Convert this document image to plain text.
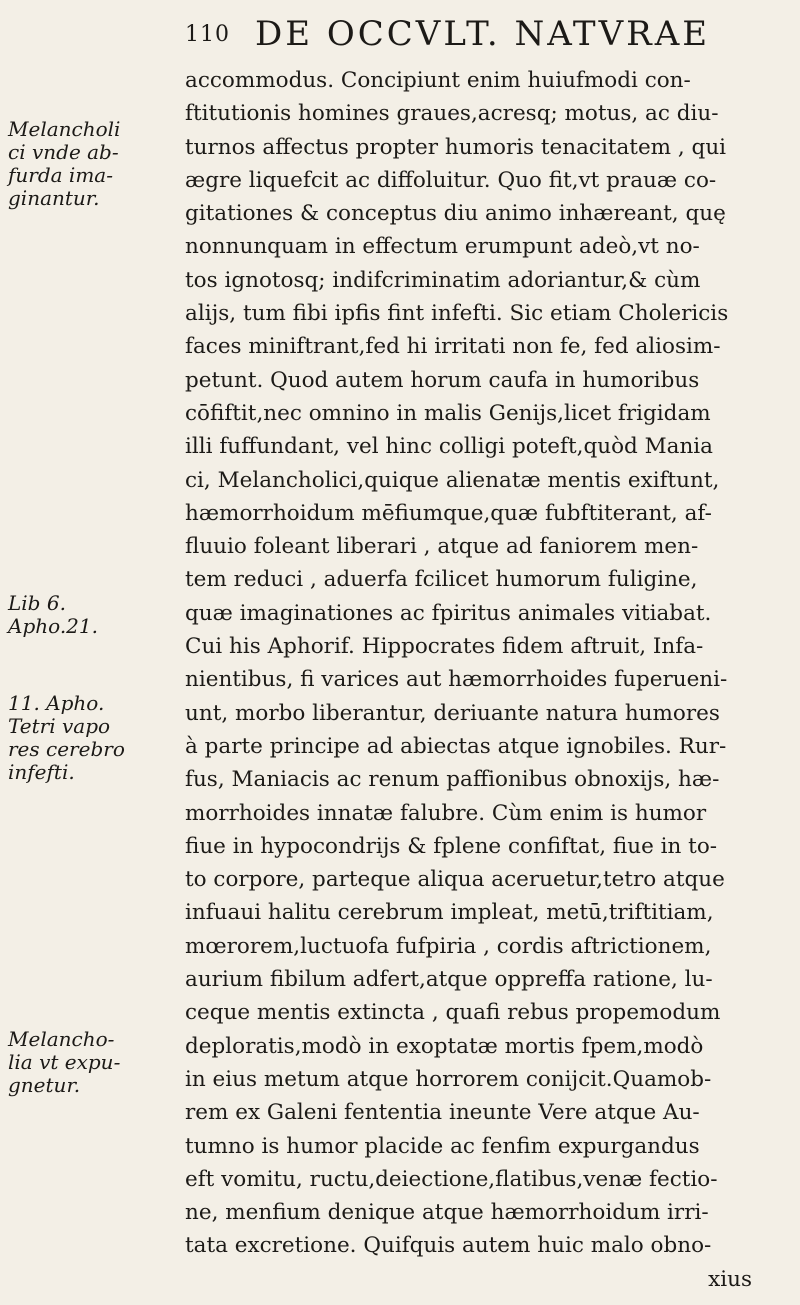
110 DE OCCVLT. NATVRAE
accommodus. Concipiunt enim huiufmodi con-
ftitutionis homines graues,acresq; motus, ac diu-
turnos affectus propter humoris tenacitatem , qui
ægre liquefcit ac diffoluitur. Quo fit,vt prauæ co-
gitationes & conceptus diu animo inhæreant, quę
nonnunquam in effectum erumpunt adeò,vt no-
tos ignotosq; indifcriminatim adoriantur,& cùm
alijs, tum fibi ipfis fint infefti. Sic etiam Cholericis
faces miniftrant,fed hi irritati non fe, fed aliosim-
petunt. Quod autem horum caufa in humoribus
cōfiftit,nec omnino in malis Genijs,licet frigidam
illi fuffundant, vel hinc colligi poteft,quòd Mania
ci, Melancholici,quique alienatæ mentis exiftunt,
hæmorrhoidum mēfiumque,quæ fubftiterant, af-
fluuio foleant liberari , atque ad faniorem men-
tem reduci , aduerfa fcilicet humorum fuligine,
quæ imaginationes ac fpiritus animales vitiabat.
Cui his Aphorif. Hippocrates fidem aftruit, Infa-
nientibus, fi varices aut hæmorrhoides fuperueni-
unt, morbo liberantur, deriuante natura humores
à parte principe ad abiectas atque ignobiles. Rur-
fus, Maniacis ac renum paffionibus obnoxijs, hæ-
morrhoides innatæ falubre. Cùm enim is humor
fiue in hypocondrijs & fplene confiftat, fiue in to-
to corpore, parteque aliqua aceruetur,tetro atque
infuaui halitu cerebrum impleat, metū,triftitiam,
mœrorem,luctuofa fufpiria , cordis aftrictionem,
aurium fibilum adfert,atque oppreffa ratione, lu-
ceque mentis extincta , quafi rebus propemodum
deploratis,modò in exoptatæ mortis fpem,modò
in eius metum atque horrorem conijcit.Quamob-
rem ex Galeni fententia ineunte Vere atque Au-
tumno is humor placide ac fenfim expurgandus
eft vomitu, ructu,deiectione,flatibus,venæ fectio-
ne, menfium denique atque hæmorrhoidum irri-
tata excretione. Quifquis autem huic malo obno-
xius
Melancholi
ci vnde ab-
furda ima-
ginantur.
Lib 6.
Apho.21.
11. Apho.
Tetri vapo
res cerebro
infefti.
Melancho-
lia vt expu-
gnetur.
